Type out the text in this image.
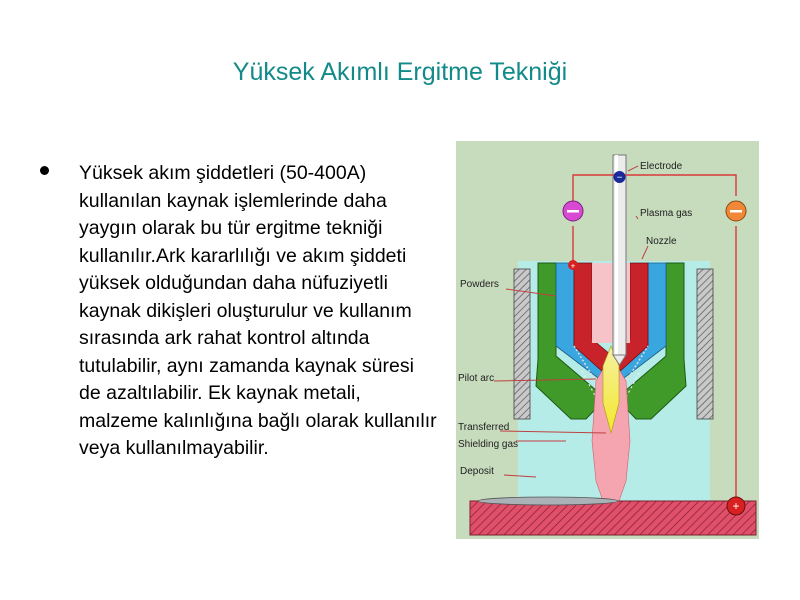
Yüksek Akımlı Ergitme Tekniği
Yüksek akım şiddetleri (50-400A) kullanılan kaynak işlemlerinde daha yaygın olarak bu tür ergitme tekniği kullanılır.Ark kararlılığı ve akım şiddeti yüksek olduğundan daha nüfuziyetli kaynak dikişleri oluşturulur ve kullanım sırasında ark rahat kontrol altında tutulabilir, aynı zamanda kaynak süresi de azaltılabilir. Ek kaynak metali, malzeme kalınlığına bağlı olarak kullanılır veya kullanılmayabilir.
−
+
+
Electrode
Plasma gas
Nozzle
Powders
Pilot arc
Transferred
Shielding gas
Deposit
